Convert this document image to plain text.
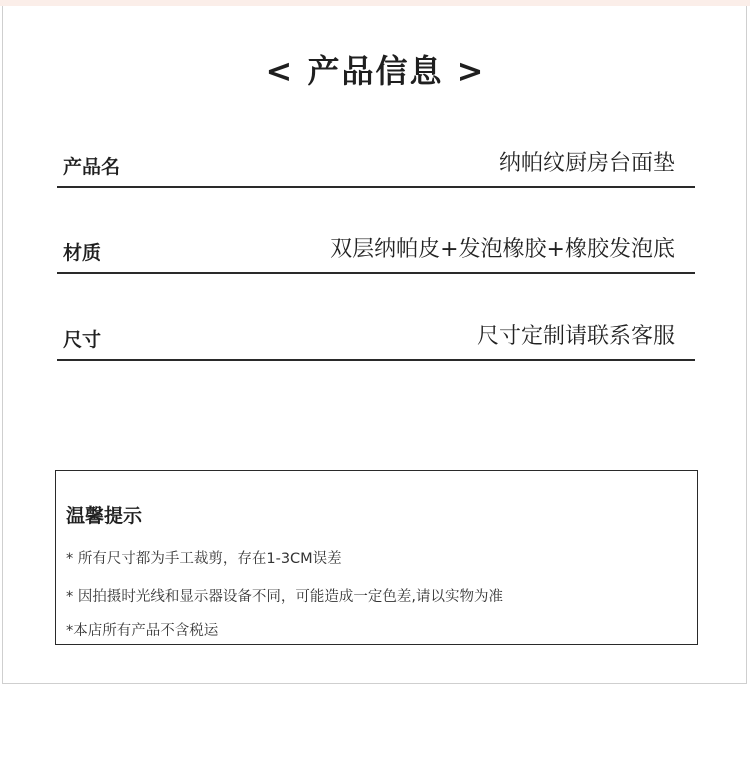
< 产品信息 >
产品名	纳帕纹厨房台面垫
材质	双层纳帕皮+发泡橡胶+橡胶发泡底
尺寸	尺寸定制请联系客服
温馨提示
* 所有尺寸都为手工裁剪，存在1-3CM误差
* 因拍摄时光线和显示器设备不同，可能造成一定色差,请以实物为准
*本店所有产品不含税运
